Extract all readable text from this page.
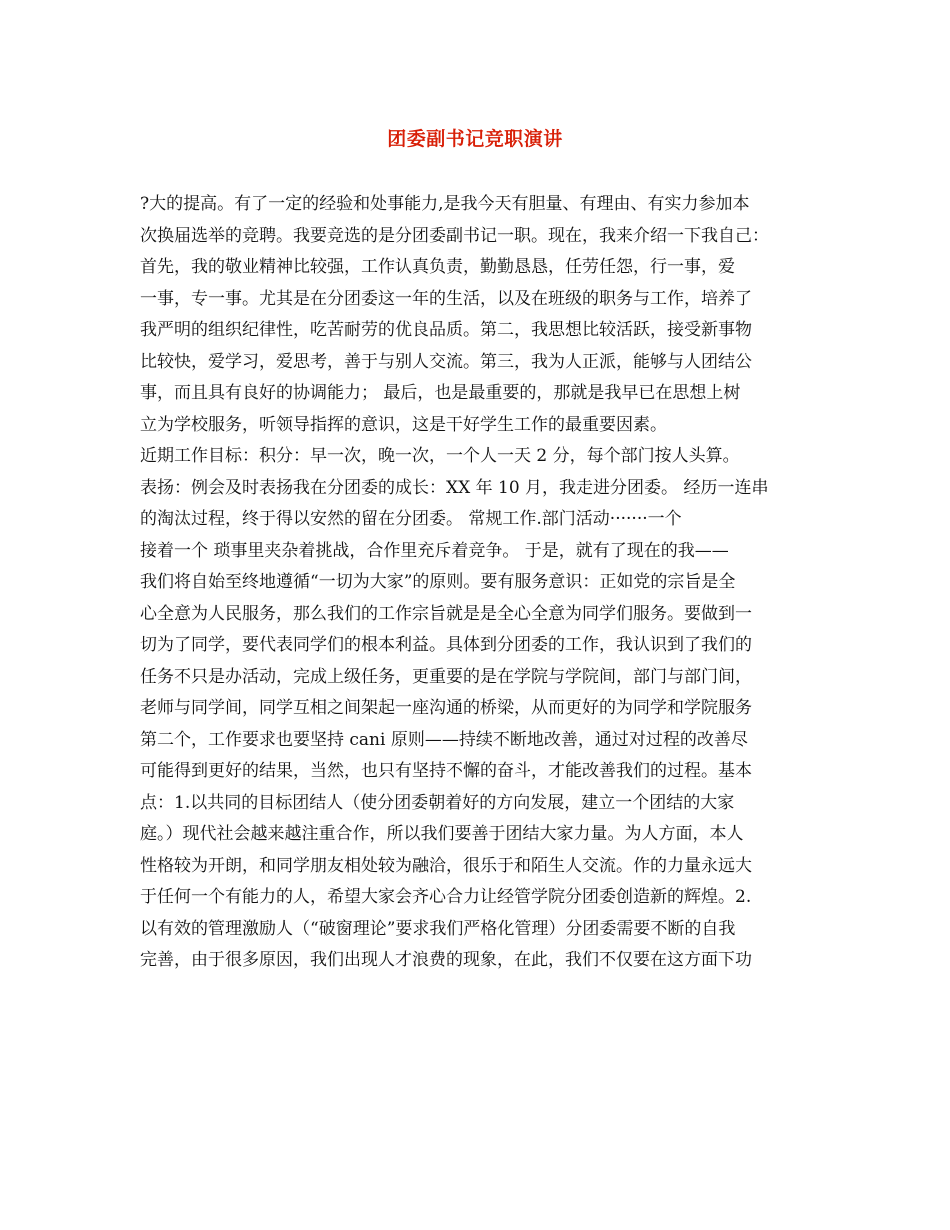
团委副书记竞职演讲
?大的提高。有了一定的经验和处事能力,是我今天有胆量、有理由、有实力参加本
次换届选举的竞聘。我要竞选的是分团委副书记一职。现在，我来介绍一下我自己：
首先，我的敬业精神比较强，工作认真负责，勤勤恳恳，任劳任怨，行一事，爱
一事，专一事。尤其是在分团委这一年的生活，以及在班级的职务与工作，培养了
我严明的组织纪律性，吃苦耐劳的优良品质。第二，我思想比较活跃，接受新事物
比较快，爱学习，爱思考，善于与别人交流。第三，我为人正派，能够与人团结公
事，而且具有良好的协调能力； 最后，也是最重要的，那就是我早已在思想上树
立为学校服务，听领导指挥的意识，这是干好学生工作的最重要因素。
近期工作目标：积分：早一次，晚一次，一个人一天 2 分，每个部门按人头算。
表扬：例会及时表扬我在分团委的成长：XX 年 10 月，我走进分团委。 经历一连串
的淘汰过程，终于得以安然的留在分团委。 常规工作.部门活动·······一个
接着一个 琐事里夹杂着挑战，合作里充斥着竞争。 于是，就有了现在的我——
我们将自始至终地遵循“一切为大家”的原则。要有服务意识：正如党的宗旨是全
心全意为人民服务，那么我们的工作宗旨就是是全心全意为同学们服务。要做到一
切为了同学，要代表同学们的根本利益。具体到分团委的工作，我认识到了我们的
任务不只是办活动，完成上级任务，更重要的是在学院与学院间，部门与部门间，
老师与同学间，同学互相之间架起一座沟通的桥梁，从而更好的为同学和学院服务
第二个，工作要求也要坚持 cani 原则——持续不断地改善，通过对过程的改善尽
可能得到更好的结果，当然，也只有坚持不懈的奋斗，才能改善我们的过程。基本
点：1.以共同的目标团结人（使分团委朝着好的方向发展，建立一个团结的大家
庭。）现代社会越来越注重合作，所以我们要善于团结大家力量。为人方面，本人
性格较为开朗，和同学朋友相处较为融洽，很乐于和陌生人交流。作的力量永远大
于任何一个有能力的人，希望大家会齐心合力让经管学院分团委创造新的辉煌。2.
以有效的管理激励人（“破窗理论”要求我们严格化管理）分团委需要不断的自我
完善，由于很多原因，我们出现人才浪费的现象，在此，我们不仅要在这方面下功
